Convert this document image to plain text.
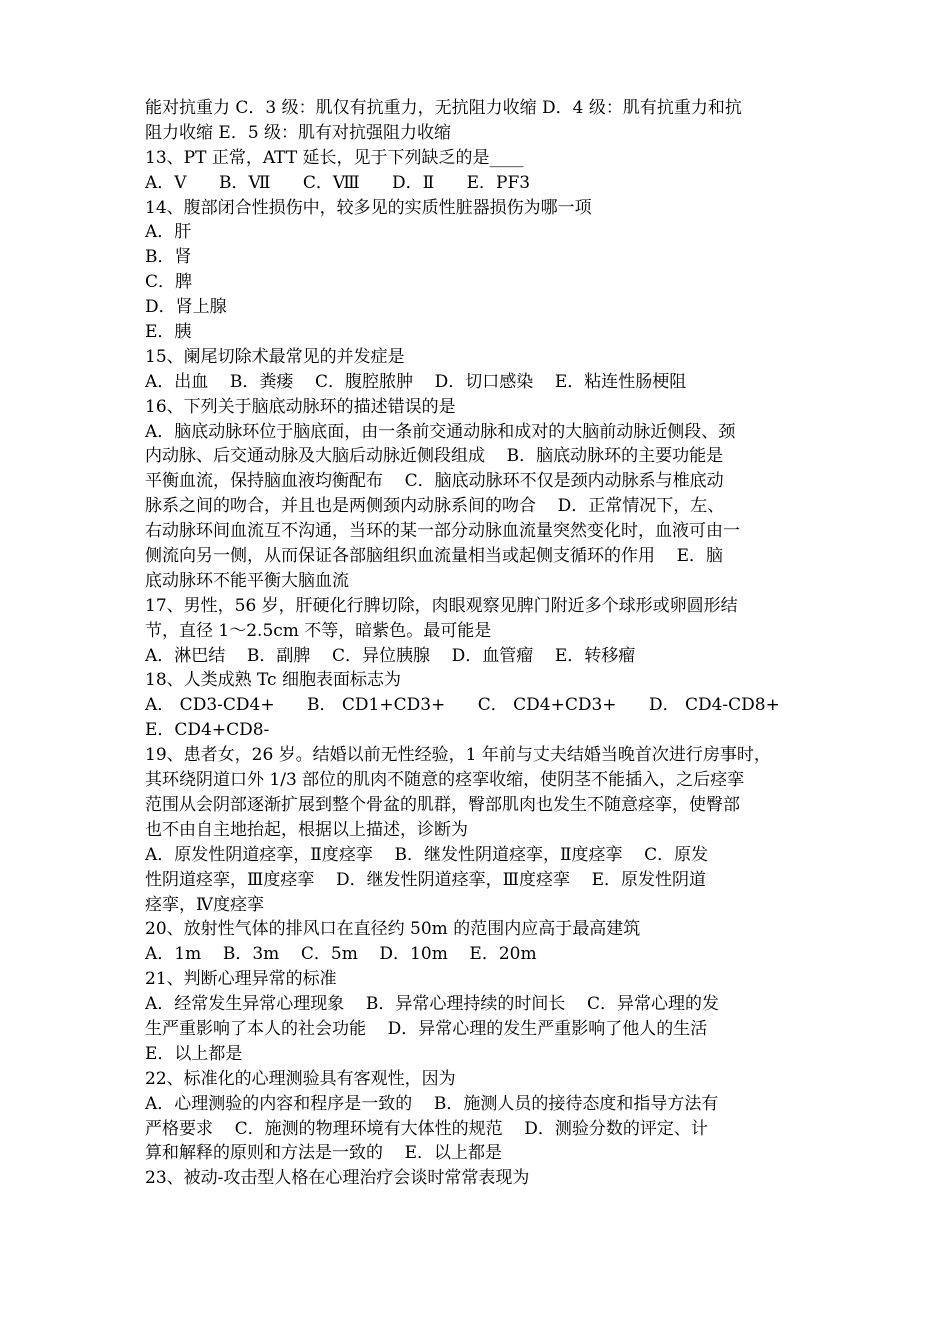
能对抗重力 C．3 级：肌仅有抗重力，无抗阻力收缩 D．4 级：肌有抗重力和抗
阻力收缩 E．5 级：肌有对抗强阻力收缩
13、PT 正常，ATT 延长，见于下列缺乏的是____
A．Ⅴ      B．Ⅶ      C．Ⅷ      D．Ⅱ      E．PF3
14、腹部闭合性损伤中，较多见的实质性脏器损伤为哪一项
A．肝
B．肾
C．脾
D．肾上腺
E．胰
15、阑尾切除术最常见的并发症是
A．出血    B．粪瘘    C．腹腔脓肿    D．切口感染    E．粘连性肠梗阻
16、下列关于脑底动脉环的描述错误的是
A．脑底动脉环位于脑底面，由一条前交通动脉和成对的大脑前动脉近侧段、颈
内动脉、后交通动脉及大脑后动脉近侧段组成    B．脑底动脉环的主要功能是
平衡血流，保持脑血液均衡配布    C．脑底动脉环不仅是颈内动脉系与椎底动
脉系之间的吻合，并且也是两侧颈内动脉系间的吻合    D．正常情况下，左、
右动脉环间血流互不沟通，当环的某一部分动脉血流量突然变化时，血液可由一
侧流向另一侧，从而保证各部脑组织血流量相当或起侧支循环的作用    E．脑
底动脉环不能平衡大脑血流
17、男性，56 岁，肝硬化行脾切除，肉眼观察见脾门附近多个球形或卵圆形结
节，直径 1～2.5cm 不等，暗紫色。最可能是
A．淋巴结    B．副脾    C．异位胰腺    D．血管瘤    E．转移瘤
18、人类成熟 Tc 细胞表面标志为
A． CD3-CD4+      B． CD1+CD3+      C． CD4+CD3+      D． CD4-CD8+
E．CD4+CD8-
19、患者女，26 岁。结婚以前无性经验，1 年前与丈夫结婚当晚首次进行房事时，
其环绕阴道口外 1/3 部位的肌肉不随意的痉挛收缩，使阴茎不能插入，之后痉挛
范围从会阴部逐渐扩展到整个骨盆的肌群，臀部肌肉也发生不随意痉挛，使臀部
也不由自主地抬起，根据以上描述，诊断为
A．原发性阴道痉挛，Ⅱ度痉挛    B．继发性阴道痉挛，Ⅱ度痉挛    C．原发
性阴道痉挛，Ⅲ度痉挛    D．继发性阴道痉挛，Ⅲ度痉挛    E．原发性阴道
痉挛，Ⅳ度痉挛
20、放射性气体的排风口在直径约 50m 的范围内应高于最高建筑
A．1m    B．3m    C．5m    D．10m    E．20m
21、判断心理异常的标准
A．经常发生异常心理现象    B．异常心理持续的时间长    C．异常心理的发
生严重影响了本人的社会功能    D．异常心理的发生严重影响了他人的生活
E．以上都是
22、标准化的心理测验具有客观性，因为
A．心理测验的内容和程序是一致的    B．施测人员的接待态度和指导方法有
严格要求    C．施测的物理环境有大体性的规范    D．测验分数的评定、计
算和解释的原则和方法是一致的    E．以上都是
23、被动-攻击型人格在心理治疗会谈时常常表现为
